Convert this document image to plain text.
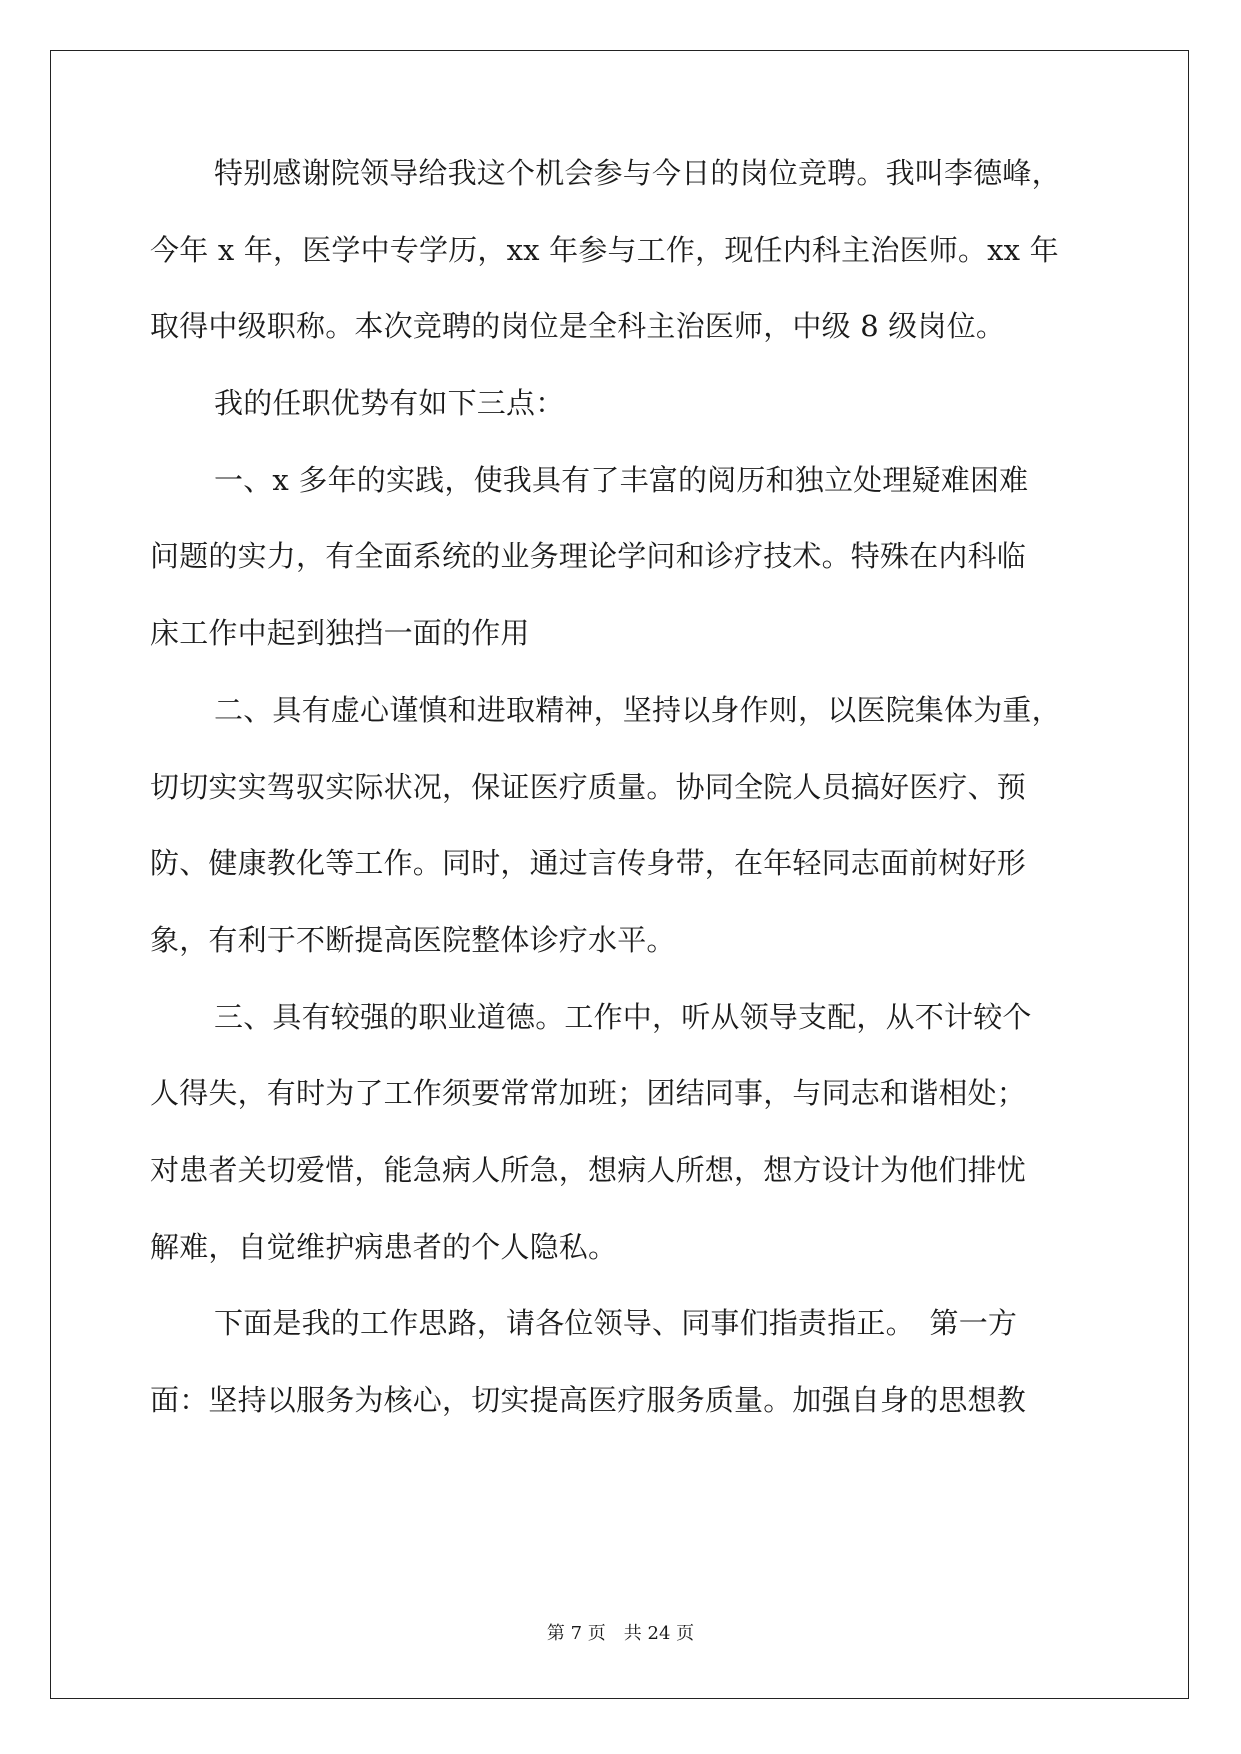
特别感谢院领导给我这个机会参与今日的岗位竞聘。我叫李德峰，
今年 x 年，医学中专学历，xx 年参与工作，现任内科主治医师。xx 年
取得中级职称。本次竞聘的岗位是全科主治医师，中级 8 级岗位。
我的任职优势有如下三点：
一、x 多年的实践，使我具有了丰富的阅历和独立处理疑难困难
问题的实力，有全面系统的业务理论学问和诊疗技术。特殊在内科临
床工作中起到独挡一面的作用
二、具有虚心谨慎和进取精神，坚持以身作则，以医院集体为重，
切切实实驾驭实际状况，保证医疗质量。协同全院人员搞好医疗、预
防、健康教化等工作。同时，通过言传身带，在年轻同志面前树好形
象，有利于不断提高医院整体诊疗水平。
三、具有较强的职业道德。工作中，听从领导支配，从不计较个
人得失，有时为了工作须要常常加班；团结同事，与同志和谐相处；
对患者关切爱惜，能急病人所急，想病人所想，想方设计为他们排忧
解难，自觉维护病患者的个人隐私。
下面是我的工作思路，请各位领导、同事们指责指正。　第一方
面：坚持以服务为核心，切实提高医疗服务质量。加强自身的思想教
第 7 页 共 24 页
